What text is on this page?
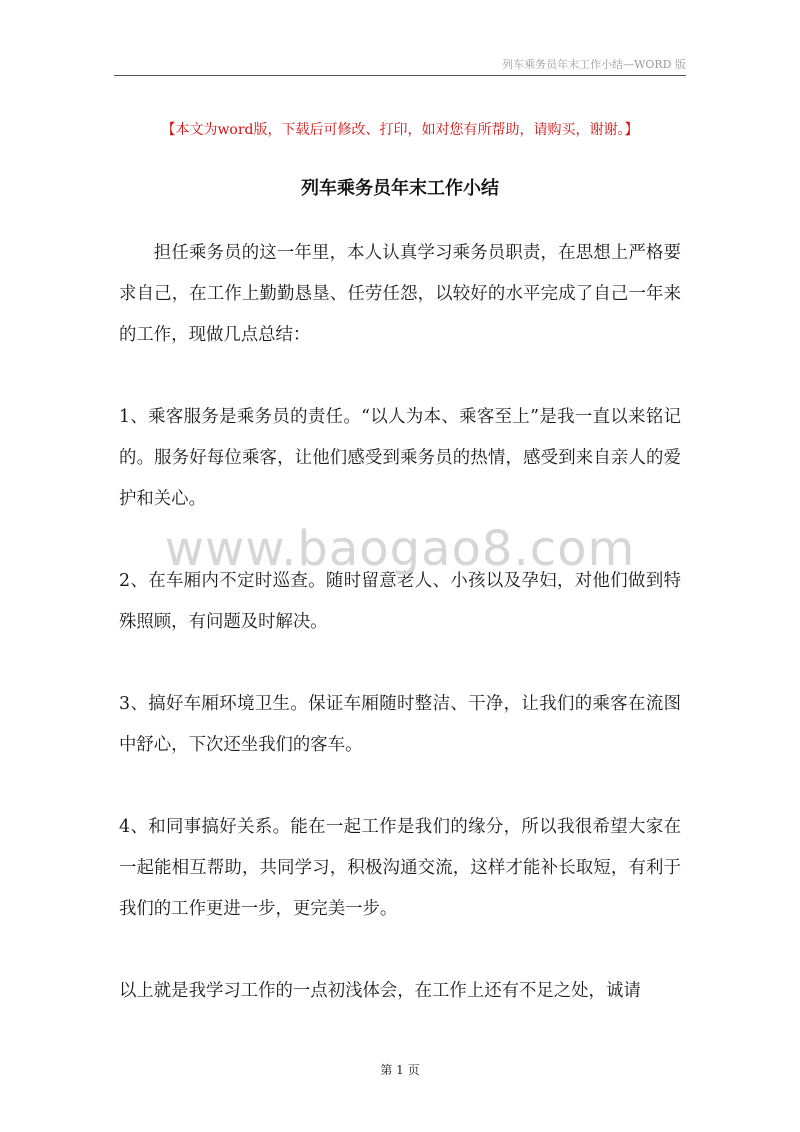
列车乘务员年末工作小结—WORD 版
【本文为word版，下载后可修改、打印，如对您有所帮助，请购买，谢谢。】
列车乘务员年末工作小结

担任乘务员的这一年里，本人认真学习乘务员职责，在思想上严格要求自己，在工作上勤勤恳垦、任劳任怨，以较好的水平完成了自己一年来的工作，现做几点总结：

1、乘客服务是乘务员的责任。“以人为本、乘客至上”是我一直以来铭记的。服务好每位乘客，让他们感受到乘务员的热情，感受到来自亲人的爱护和关心。

2、在车厢内不定时巡查。随时留意老人、小孩以及孕妇，对他们做到特殊照顾，有问题及时解决。

3、搞好车厢环境卫生。保证车厢随时整洁、干净，让我们的乘客在流图中舒心，下次还坐我们的客车。

4、和同事搞好关系。能在一起工作是我们的缘分，所以我很希望大家在一起能相互帮助，共同学习，积极沟通交流，这样才能补长取短，有利于我们的工作更进一步，更完美一步。

以上就是我学习工作的一点初浅体会，在工作上还有不足之处，诚请

www.baogao8.com
第 1 页
